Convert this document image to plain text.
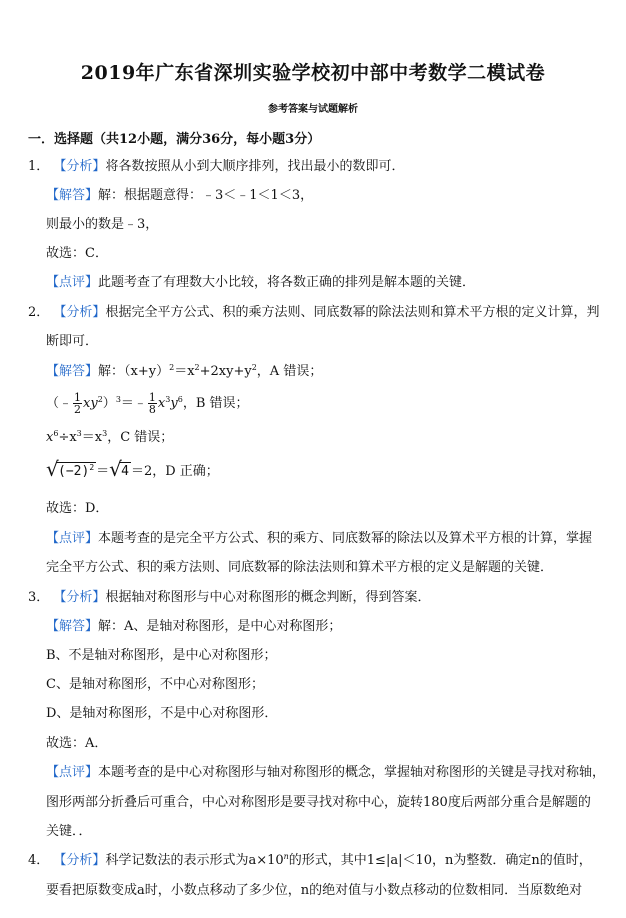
2019年广东省深圳实验学校初中部中考数学二模试卷
参考答案与试题解析
一．选择题（共12小题，满分36分，每小题3分）
1． 【分析】将各数按照从小到大顺序排列，找出最小的数即可．
【解答】解：根据题意得：﹣3＜﹣1＜1＜3，
则最小的数是﹣3，
故选：C．
【点评】此题考查了有理数大小比较，将各数正确的排列是解本题的关键．
2． 【分析】根据完全平方公式、积的乘方法则、同底数幂的除法法则和算术平方根的定义计算，判
断即可．
【解答】解：$(x+y)^2=x^2+2xy+y^2$，A 错误；
（﹣ $\frac{1}{2}$ $xy^2)^3=﹣ \frac{1}{8} x^3y^6$，B 错误；
$x^6\div x^3=x^3$，C 错误；
√ $(-2)^2$ ＝ √ 4 ＝2，D 正确；
故选：D．
【点评】本题考查的是完全平方公式、积的乘方、同底数幂的除法以及算术平方根的计算，掌握
完全平方公式、积的乘方法则、同底数幂的除法法则和算术平方根的定义是解题的关键．
3． 【分析】根据轴对称图形与中心对称图形的概念判断，得到答案．
【解答】解：A、是轴对称图形，是中心对称图形；
B、不是轴对称图形，是中心对称图形；
C、是轴对称图形，不中心对称图形；
D、是轴对称图形，不是中心对称图形．
故选：A．
【点评】本题考查的是中心对称图形与轴对称图形的概念，掌握轴对称图形的关键是寻找对称轴，
图形两部分折叠后可重合，中心对称图形是要寻找对称中心，旋转180度后两部分重合是解题的
关键．．
4． 【分析】科学记数法的表示形式为$a\times 10^n$的形式，其中1≤|a|＜10，n为整数．确定n的值时，
要看把原数变成a时，小数点移动了多少位，n的绝对值与小数点移动的位数相同．当原数绝对
